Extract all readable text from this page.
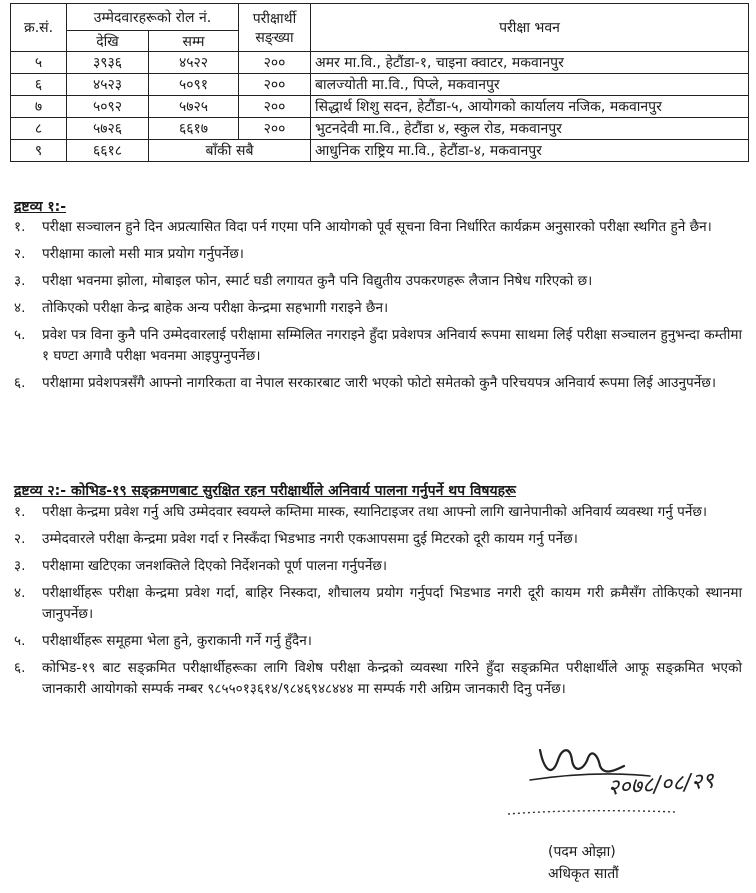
क्र.सं.	उम्मेदवारहरूको रोल नं.		परीक्षार्थी सङ्ख्या	परीक्षा भवन
	देखि	सम्म		
५	३९३६	४५२२	२००	अमर मा.वि., हेटौंडा-१, चाइना क्वाटर, मकवानपुर
६	४५२३	५०९१	२००	बालज्योती मा.वि., पिप्ले, मकवानपुर
७	५०९२	५७२५	२००	सिद्धार्थ शिशु सदन, हेटौंडा-५, आयोगको कार्यालय नजिक, मकवानपुर
८	५७२६	६६१७	२००	भुटनदेवी मा.वि., हेटौंडा ४, स्कुल रोड, मकवानपुर
९	६६१८	बाँकी सबै		आधुनिक राष्ट्रिय मा.वि., हेटौंडा-४, मकवानपुर
द्रष्टव्य १:-
१. परीक्षा सञ्चालन हुने दिन अप्रत्यासित विदा पर्न गएमा पनि आयोगको पूर्व सूचना विना निर्धारित कार्यक्रम अनुसारको परीक्षा स्थगित हुने छैन।
२. परीक्षामा कालो मसी मात्र प्रयोग गर्नुपर्नेछ।
३. परीक्षा भवनमा झोला, मोबाइल फोन, स्मार्ट घडी लगायत कुनै पनि विद्युतीय उपकरणहरू लैजान निषेध गरिएको छ।
४. तोकिएको परीक्षा केन्द्र बाहेक अन्य परीक्षा केन्द्रमा सहभागी गराइने छैन।
५. प्रवेश पत्र विना कुनै पनि उम्मेदवारलाई परीक्षामा सम्मिलित नगराइने हुँदा प्रवेशपत्र अनिवार्य रूपमा साथमा लिई परीक्षा सञ्चालन हुनुभन्दा कम्तीमा १ घण्टा अगावै परीक्षा भवनमा आइपुग्नुपर्नेछ।
६. परीक्षामा प्रवेशपत्रसँगै आफ्नो नागरिकता वा नेपाल सरकारबाट जारी भएको फोटो समेतको कुनै परिचयपत्र अनिवार्य रूपमा लिई आउनुपर्नेछ।
द्रष्टव्य २:- कोभिड-१९ सङ्क्रमणबाट सुरक्षित रहन परीक्षार्थीले अनिवार्य पालना गर्नुपर्ने थप विषयहरू
१. परीक्षा केन्द्रमा प्रवेश गर्नु अघि उम्मेदवार स्वयम्ले कम्तिमा मास्क, स्यानिटाइजर तथा आफ्नो लागि खानेपानीको अनिवार्य व्यवस्था गर्नु पर्नेछ।
२. उम्मेदवारले परीक्षा केन्द्रमा प्रवेश गर्दा र निस्कँदा भिडभाड नगरी एकआपसमा दुई मिटरको दूरी कायम गर्नु पर्नेछ।
३. परीक्षामा खटिएका जनशक्तिले दिएको निर्देशनको पूर्ण पालना गर्नुपर्नेछ।
४. परीक्षार्थीहरू परीक्षा केन्द्रमा प्रवेश गर्दा, बाहिर निस्कदा, शौचालय प्रयोग गर्नुपर्दा भिडभाड नगरी दूरी कायम गरी क्रमैसँग तोकिएको स्थानमा जानुपर्नेछ।
५. परीक्षार्थीहरू समूहमा भेला हुने, कुराकानी गर्ने गर्नु हुँदैन।
६. कोभिड-१९ बाट सङ्क्रमित परीक्षार्थीहरूका लागि विशेष परीक्षा केन्द्रको व्यवस्था गरिने हुँदा सङ्क्रमित परीक्षार्थीले आफू सङ्क्रमित भएको जानकारी आयोगको सम्पर्क नम्बर ९८५५०१३६१४/९८४६९४८४४४ मा सम्पर्क गरी अग्रिम जानकारी दिनु पर्नेछ।
२०७८/०८/२९
(पदम ओझा)
अधिकृत सातौं
